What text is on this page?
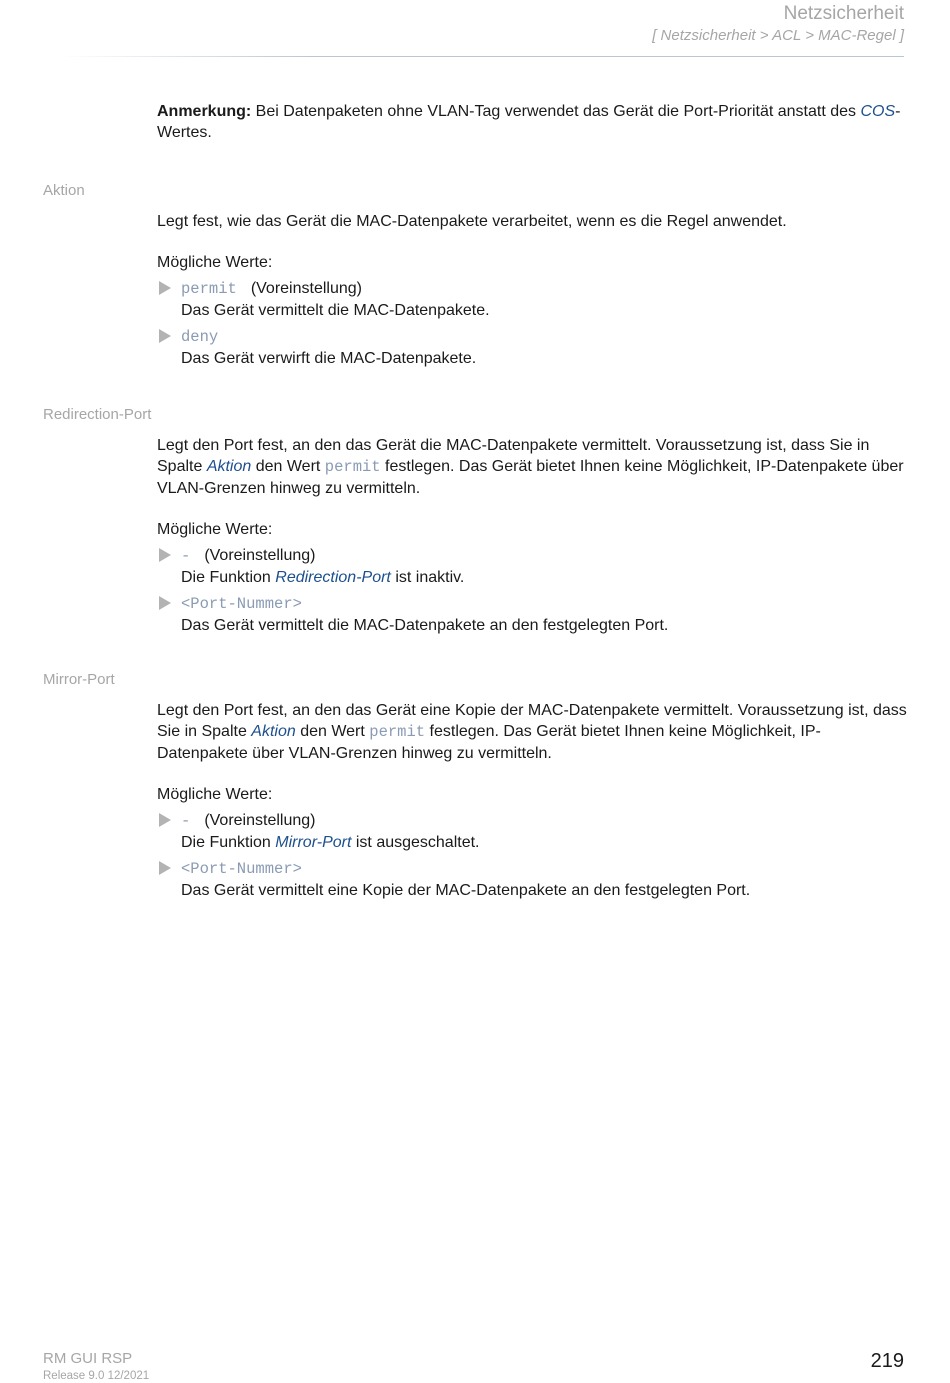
Netzsicherheit
[ Netzsicherheit > ACL > MAC-Regel ]
Anmerkung: Bei Datenpaketen ohne VLAN-Tag verwendet das Gerät die Port-Priorität anstatt des COS-Wertes.
Aktion
Legt fest, wie das Gerät die MAC-Datenpakete verarbeitet, wenn es die Regel anwendet.
Mögliche Werte:
permit (Voreinstellung)
Das Gerät vermittelt die MAC-Datenpakete.
deny
Das Gerät verwirft die MAC-Datenpakete.
Redirection-Port
Legt den Port fest, an den das Gerät die MAC-Datenpakete vermittelt. Voraussetzung ist, dass Sie in Spalte Aktion den Wert permit festlegen. Das Gerät bietet Ihnen keine Möglichkeit, IP-Datenpakete über VLAN-Grenzen hinweg zu vermitteln.
Mögliche Werte:
- (Voreinstellung)
Die Funktion Redirection-Port ist inaktiv.
<Port-Nummer>
Das Gerät vermittelt die MAC-Datenpakete an den festgelegten Port.
Mirror-Port
Legt den Port fest, an den das Gerät eine Kopie der MAC-Datenpakete vermittelt. Voraussetzung ist, dass Sie in Spalte Aktion den Wert permit festlegen. Das Gerät bietet Ihnen keine Möglichkeit, IP-Datenpakete über VLAN-Grenzen hinweg zu vermitteln.
Mögliche Werte:
- (Voreinstellung)
Die Funktion Mirror-Port ist ausgeschaltet.
<Port-Nummer>
Das Gerät vermittelt eine Kopie der MAC-Datenpakete an den festgelegten Port.
RM GUI RSP
Release 9.0 12/2021
219
